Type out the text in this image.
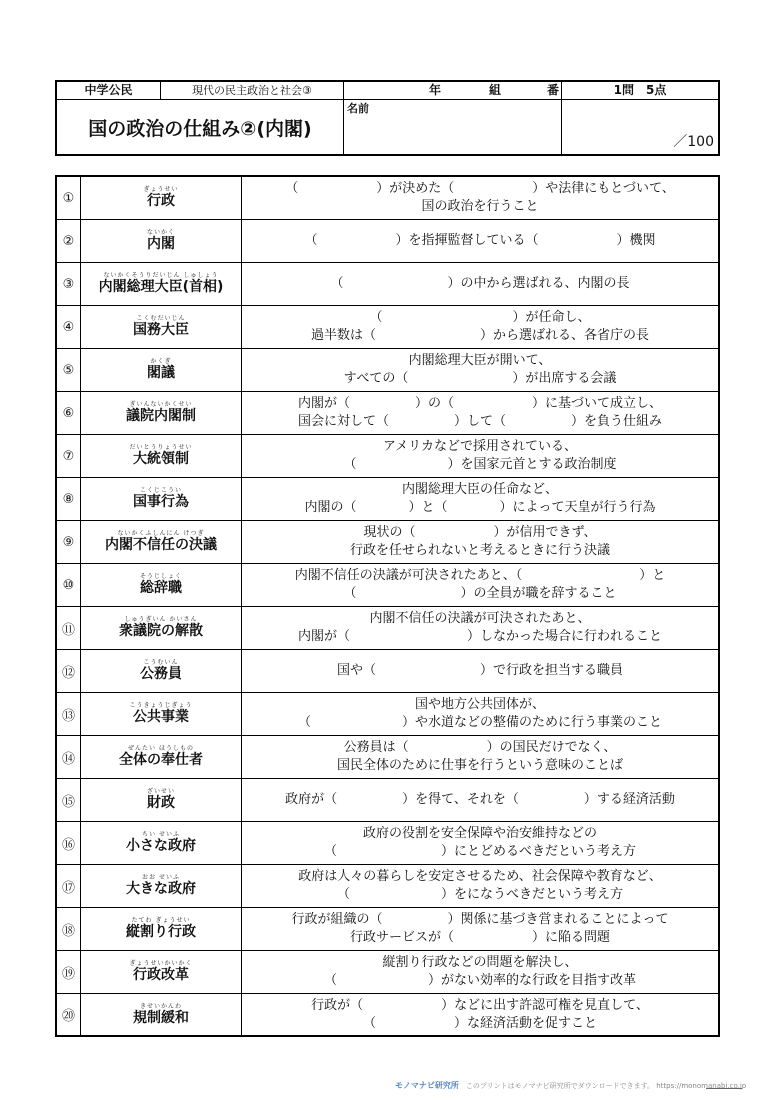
中学公民	現代の民主政治と社会③
国の政治の仕組み②(内閣)
年	組	番
名前
1問　5点
／100
①
ぎょうせい
行政
（　　　　　　）が決めた（　　　　　　）や法律にもとづいて、
国の政治を行うこと
②
ないかく
内閣	（　　　　　　）を指揮監督している（　　　　　　）機関
③
ないかくそうりだいじん しゅしょう
内閣総理大臣(首相)	（　　　　　　　　）の中から選ばれる、内閣の長
④
こくむだいじん
国務大臣
（　　　　　　　　　　）が任命し、
過半数は（　　　　　　　　）から選ばれる、各省庁の長
⑤
かくぎ
閣議
内閣総理大臣が開いて、
すべての（　　　　　　　　）が出席する会議
⑥
ぎいんないかくせい
議院内閣制
内閣が（　　　　　）の（　　　　　　）に基づいて成立し、
国会に対して（　　　　　）して（　　　　　）を負う仕組み
⑦
だいとうりょうせい
大統領制
アメリカなどで採用されている、
（　　　　　　　）を国家元首とする政治制度
⑧
こくじこうい
国事行為
内閣総理大臣の任命など、
内閣の（　　　　）と（　　　　）によって天皇が行う行為
⑨
ないかくふしんにん けつぎ
内閣不信任の決議
現状の（　　　　　　）が信用できず、
行政を任せられないと考えるときに行う決議
⑩
そうじしょく
総辞職
内閣不信任の決議が可決されたあと、（　　　　　　　　　）と
（　　　　　　　　）の全員が職を辞すること
⑪
しゅうぎいん かいさん
衆議院の解散
内閣不信任の決議が可決されたあと、
内閣が（　　　　　　　　　）しなかった場合に行われること
⑫
こうむいん
公務員	国や（　　　　　　　　）で行政を担当する職員
⑬
こうきょうじぎょう
公共事業
国や地方公共団体が、
（　　　　　　　）や水道などの整備のために行う事業のこと
⑭
ぜんたい ほうしもの
全体の奉仕者
公務員は（　　　　　　）の国民だけでなく、
国民全体のために仕事を行うという意味のことば
⑮
ざいせい
財政	政府が（　　　　　）を得て、それを（　　　　　）する経済活動
⑯
ちい せいふ
小さな政府
政府の役割を安全保障や治安維持などの
（　　　　　　　　）にとどめるべきだという考え方
⑰
おお せいふ
大きな政府
政府は人々の暮らしを安定させるため、社会保障や教育など、
（　　　　　　　）をになうべきだという考え方
⑱
たてわ ぎょうせい
縦割り行政
行政が組織の（　　　　　）関係に基づき営まれることによって
行政サービスが（　　　　　　）に陥る問題
⑲
ぎょうせいかいかく
行政改革
縦割り行政などの問題を解決し、
（　　　　　　　）がない効率的な行政を目指す改革
⑳
きせいかんわ
規制緩和
行政が（　　　　　　）などに出す許認可権を見直して、
（　　　　　　）な経済活動を促すこと
モノマナビ研究所　このプリントはモノマナビ研究所でダウンロードできます。 https://monomanabi.co.jp
